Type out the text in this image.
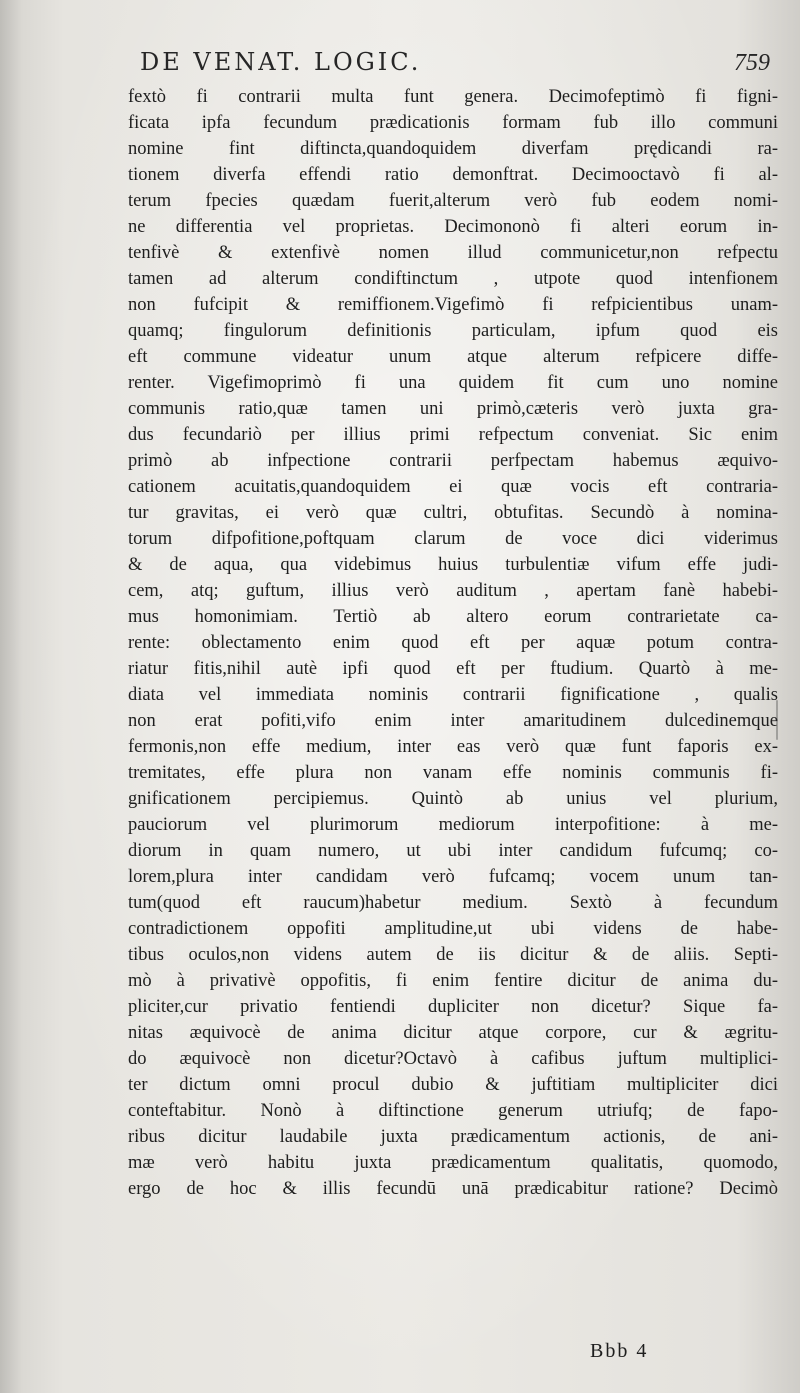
DE VENAT. LOGIC.	759
fextò fi contrarii multa funt genera. Decimofeptimò fi figni-
ficata ipfa fecundum prædicationis formam fub illo communi
nomine fint diftincta,quandoquidem diverfam prędicandi ra-
tionem diverfa effendi ratio demonftrat. Decimooctavò fi al-
terum fpecies quædam fuerit,alterum verò fub eodem nomi-
ne differentia vel proprietas. Decimononò fi alteri eorum in-
tenfivè & extenfivè nomen illud communicetur,non refpectu
tamen ad alterum condiftinctum , utpote quod intenfionem
non fufcipit & remiffionem.Vigefimò fi refpicientibus unam-
quamq; fingulorum definitionis particulam, ipfum quod eis
eft commune videatur unum atque alterum refpicere diffe-
renter. Vigefimoprimò fi una quidem fit cum uno nomine
communis ratio,quæ tamen uni primò,cæteris verò juxta gra-
dus fecundariò per illius primi refpectum conveniat. Sic enim
primò ab infpectione contrarii perfpectam habemus æquivo-
cationem acuitatis,quandoquidem ei quæ vocis eft contraria-
tur gravitas, ei verò quæ cultri, obtufitas. Secundò à nomina-
torum difpofitione,poftquam clarum de voce dici viderimus
& de aqua, qua videbimus huius turbulentiæ vifum effe judi-
cem, atq; guftum, illius verò auditum , apertam fanè habebi-
mus homonimiam. Tertiò ab altero eorum contrarietate ca-
rente: oblectamento enim quod eft per aquæ potum contra-
riatur fitis,nihil autè ipfi quod eft per ftudium. Quartò à me-
diata vel immediata nominis contrarii fignificatione , qualis
non erat pofiti,vifo enim inter amaritudinem dulcedinemque
fermonis,non effe medium, inter eas verò quæ funt faporis ex-
tremitates, effe plura non vanam effe nominis communis fi-
gnificationem percipiemus. Quintò ab unius vel plurium,
pauciorum vel plurimorum mediorum interpofitione: à me-
diorum in quam numero, ut ubi inter candidum fufcumq; co-
lorem,plura inter candidam verò fufcamq; vocem unum tan-
tum(quod eft raucum)habetur medium. Sextò à fecundum
contradictionem oppofiti amplitudine,ut ubi videns de habe-
tibus oculos,non videns autem de iis dicitur & de aliis. Septi-
mò à privativè oppofitis, fi enim fentire dicitur de anima du-
pliciter,cur privatio fentiendi dupliciter non dicetur? Sique fa-
nitas æquivocè de anima dicitur atque corpore, cur & ægritu-
do æquivocè non dicetur?Octavò à cafibus juftum multiplici-
ter dictum omni procul dubio & juftitiam multipliciter dici
conteftabitur. Nonò à diftinctione generum utriufq; de fapo-
ribus dicitur laudabile juxta prædicamentum actionis, de ani-
mæ verò habitu juxta prædicamentum qualitatis, quomodo,
ergo de hoc & illis fecundū unā prædicabitur ratione? Decimò
Bbb 4
